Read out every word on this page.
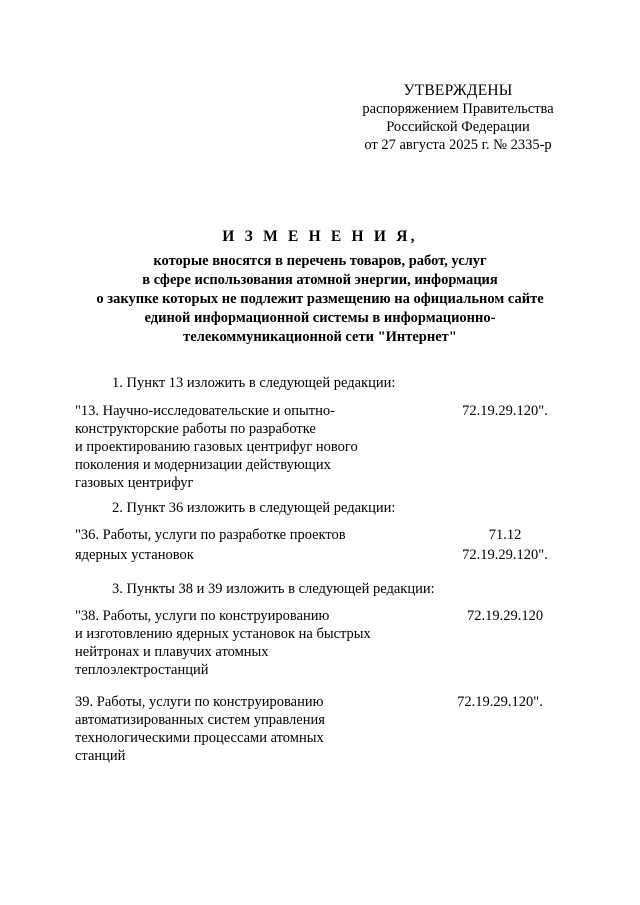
УТВЕРЖДЕНЫ
распоряжением Правительства
Российской Федерации
от 27 августа 2025 г. № 2335-р
И З М Е Н Е Н И Я,
которые вносятся в перечень товаров, работ, услуг
в сфере использования атомной энергии, информация
о закупке которых не подлежит размещению на официальном сайте
единой информационной системы в информационно-
телекоммуникационной сети "Интернет"
1. Пункт 13 изложить в следующей редакции:
"13. Научно-исследовательские и опытно-
конструкторские работы по разработке
и проектированию газовых центрифуг нового
поколения и модернизации действующих
газовых центрифуг
72.19.29.120".
2. Пункт 36 изложить в следующей редакции:
"36. Работы, услуги по разработке проектов
ядерных установок
71.12
72.19.29.120".
3. Пункты 38 и 39 изложить в следующей редакции:
"38. Работы, услуги по конструированию
и изготовлению ядерных установок на быстрых
нейтронах и плавучих атомных
теплоэлектростанций
72.19.29.120
39. Работы, услуги по конструированию
автоматизированных систем управления
технологическими процессами атомных
станций
72.19.29.120".
